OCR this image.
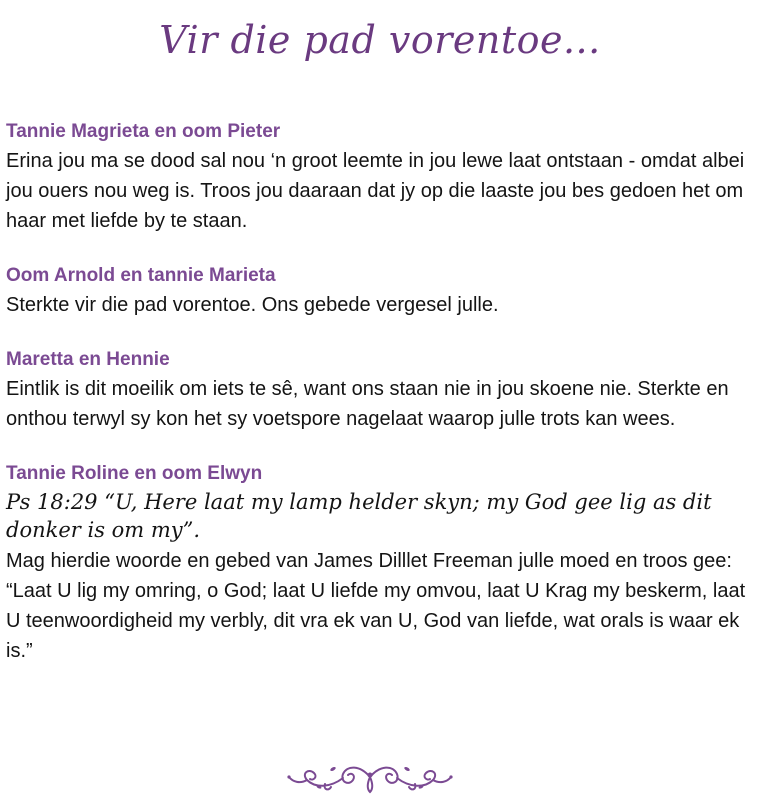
Vir die pad vorentoe...
Tannie Magrieta en oom Pieter
Erina jou ma se dood sal nou ‘n groot leemte in jou lewe laat ontstaan - omdat albei jou ouers nou weg is. Troos jou daaraan dat jy op die laaste jou bes gedoen het om haar met liefde by te staan.
Oom Arnold en tannie Marieta
Sterkte vir die pad vorentoe. Ons gebede vergesel julle.
Maretta en Hennie
Eintlik is dit moeilik om iets te sê, want ons staan nie in jou skoene nie. Sterkte en onthou terwyl sy kon het sy voetspore nagelaat waarop julle trots kan wees.
Tannie Roline en oom Elwyn
Ps 18:29 “U, Here laat my lamp helder skyn; my God gee lig as dit donker is om my”.
Mag hierdie woorde en gebed van James Dilllet Freeman julle moed en troos gee: “Laat U lig my omring, o God; laat U liefde my omvou, laat U Krag my beskerm, laat U teenwoordigheid my verbly, dit vra ek van U, God van liefde, wat orals is waar ek is.”
